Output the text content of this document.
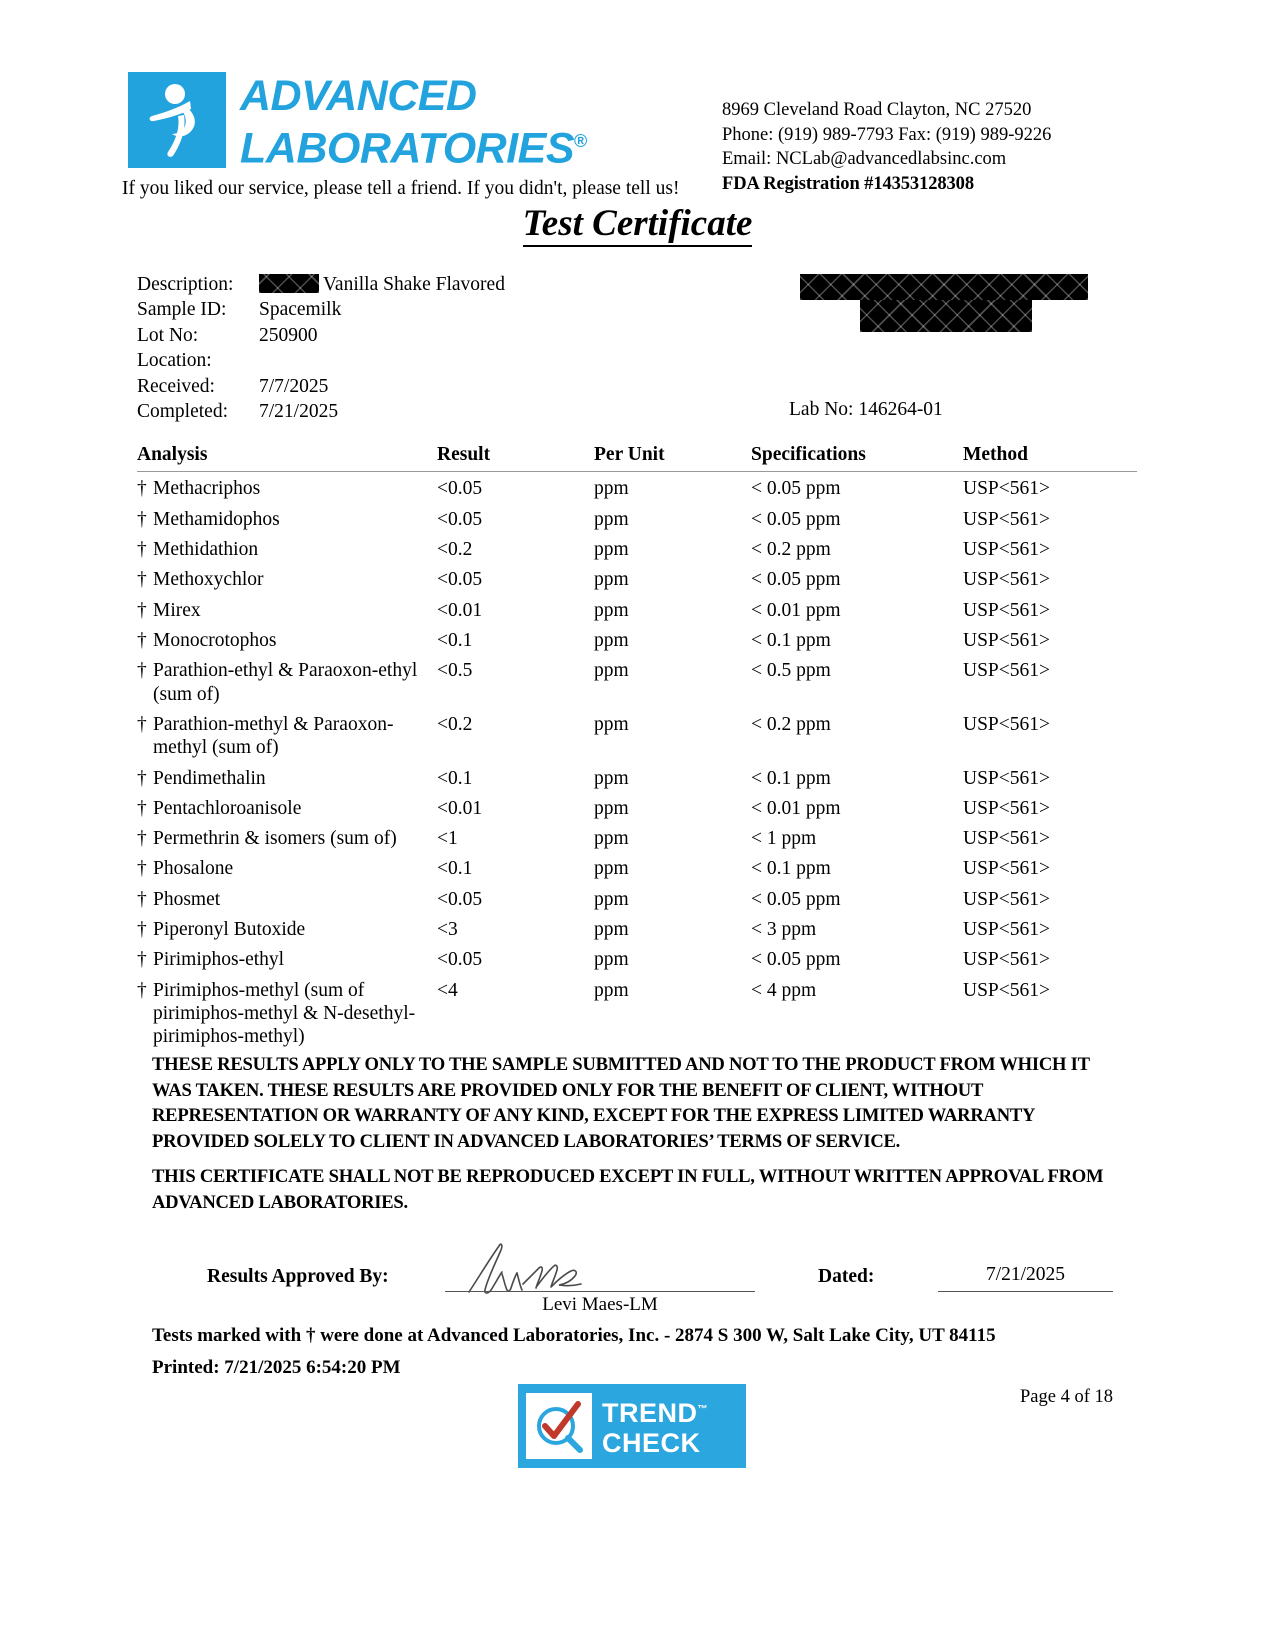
ADVANCED
LABORATORIES®
If you liked our service, please tell a friend. If you didn't, please tell us!
8969 Cleveland Road Clayton, NC 27520
Phone: (919) 989-7793 Fax: (919) 989-9226
Email: NCLab@advancedlabsinc.com
FDA Registration #14353128308
Test Certificate
Description:	Vanilla Shake Flavored
Sample ID:	Spacemilk
Lot No:	250900
Location:
Received:	7/7/2025
Completed:	7/21/2025	Lab No: 146264-01
Analysis	Result	Per Unit	Specifications	Method

† Methacriphos	<0.05	ppm	< 0.05 ppm	USP<561>

† Methamidophos	<0.05	ppm	< 0.05 ppm	USP<561>

† Methidathion	<0.2	ppm	< 0.2 ppm	USP<561>

† Methoxychlor	<0.05	ppm	< 0.05 ppm	USP<561>

† Mirex	<0.01	ppm	< 0.01 ppm	USP<561>

† Monocrotophos	<0.1	ppm	< 0.1 ppm	USP<561>

† Parathion-ethyl & Paraoxon-ethyl (sum of)	<0.5	ppm	< 0.5 ppm	USP<561>

† Parathion-methyl & Paraoxon-methyl (sum of)	<0.2	ppm	< 0.2 ppm	USP<561>

† Pendimethalin	<0.1	ppm	< 0.1 ppm	USP<561>

† Pentachloroanisole	<0.01	ppm	< 0.01 ppm	USP<561>

† Permethrin & isomers (sum of)	<1	ppm	< 1 ppm	USP<561>

† Phosalone	<0.1	ppm	< 0.1 ppm	USP<561>

† Phosmet	<0.05	ppm	< 0.05 ppm	USP<561>

† Piperonyl Butoxide	<3	ppm	< 3 ppm	USP<561>

† Pirimiphos-ethyl	<0.05	ppm	< 0.05 ppm	USP<561>

† Pirimiphos-methyl (sum of pirimiphos-methyl & N-desethyl-pirimiphos-methyl)	<4	ppm	< 4 ppm	USP<561>
THESE RESULTS APPLY ONLY TO THE SAMPLE SUBMITTED AND NOT TO THE PRODUCT FROM WHICH IT WAS TAKEN. THESE RESULTS ARE PROVIDED ONLY FOR THE BENEFIT OF CLIENT, WITHOUT REPRESENTATION OR WARRANTY OF ANY KIND, EXCEPT FOR THE EXPRESS LIMITED WARRANTY PROVIDED SOLELY TO CLIENT IN ADVANCED LABORATORIES’ TERMS OF SERVICE.
THIS CERTIFICATE SHALL NOT BE REPRODUCED EXCEPT IN FULL, WITHOUT WRITTEN APPROVAL FROM ADVANCED LABORATORIES.
Results Approved By:
Levi Maes-LM
Dated:	7/21/2025
Tests marked with † were done at Advanced Laboratories, Inc. - 2874 S 300 W, Salt Lake City, UT 84115
Printed: 7/21/2025 6:54:20 PM
TREND™
CHECK
Page 4 of 18
